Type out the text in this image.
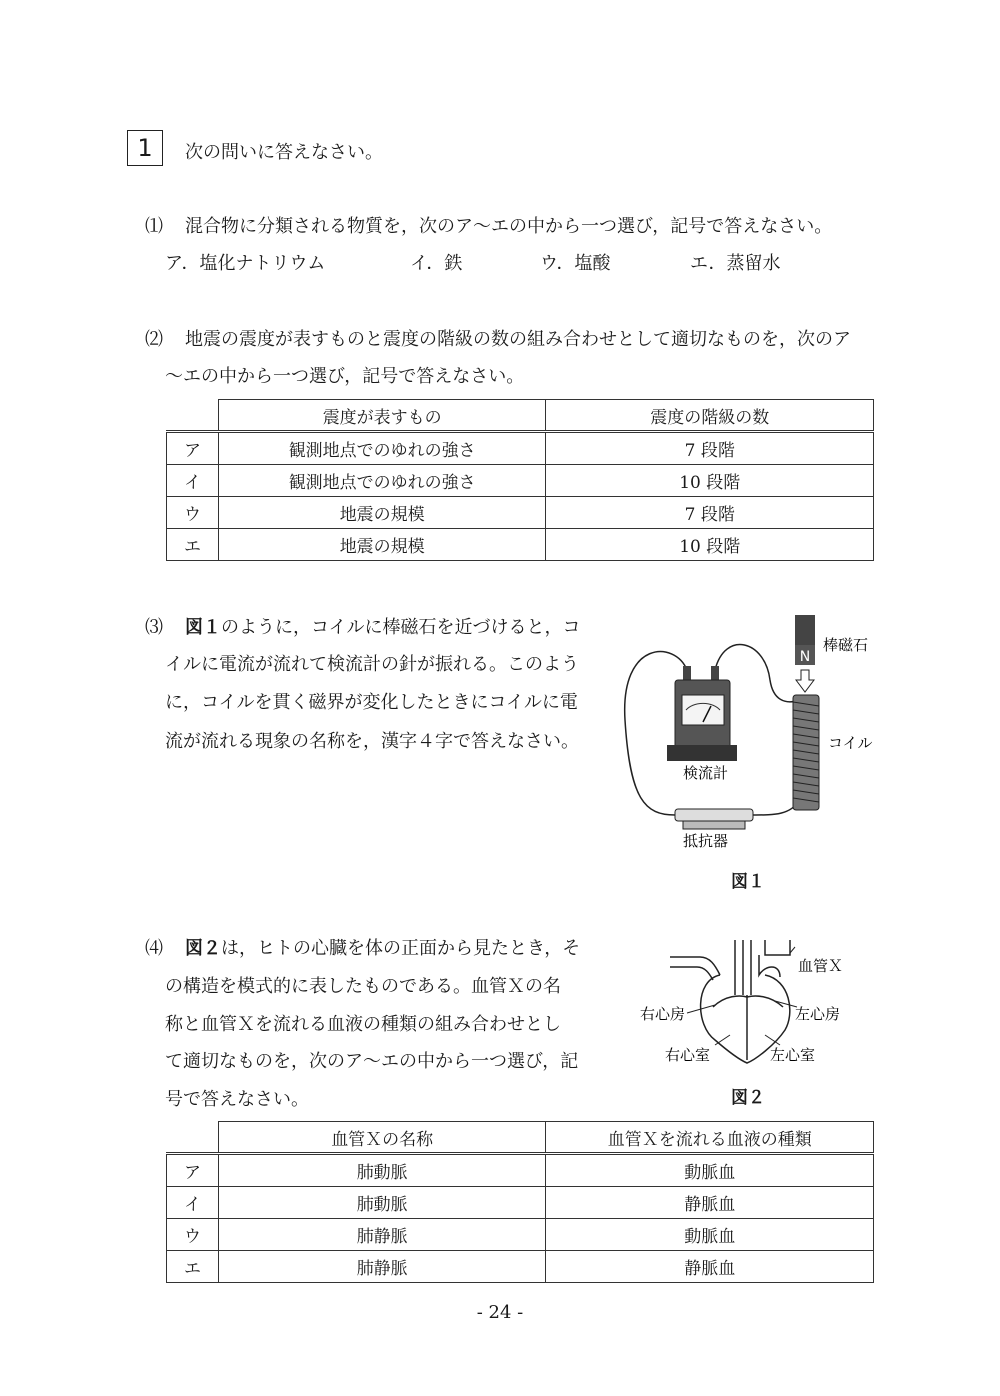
1 次の問いに答えなさい。
⑴ 混合物に分類される物質を，次のア～エの中から一つ選び，記号で答えなさい。
ア．塩化ナトリウム	イ．鉄	ウ．塩酸	エ．蒸留水
⑵ 地震の震度が表すものと震度の階級の数の組み合わせとして適切なものを，次のア
～エの中から一つ選び，記号で答えなさい。
	震度が表すもの	震度の階級の数
ア	観測地点でのゆれの強さ	7 段階
イ	観測地点でのゆれの強さ	10 段階
ウ	地震の規模	7 段階
エ	地震の規模	10 段階
⑶ 図１のように，コイルに棒磁石を近づけると，コ
イルに電流が流れて検流計の針が振れる。このよう
に，コイルを貫く磁界が変化したときにコイルに電
流が流れる現象の名称を，漢字４字で答えなさい。
N
棒磁石
コイル
検流計
抵抗器
図１
⑷ 図２は，ヒトの心臓を体の正面から見たとき，そ
の構造を模式的に表したものである。血管Ｘの名
称と血管Ｘを流れる血液の種類の組み合わせとし
て適切なものを，次のア～エの中から一つ選び，記
号で答えなさい。
血管Ｘ
右心房	左心房
右心室	左心室
図２
	血管Ｘの名称	血管Ｘを流れる血液の種類
ア	肺動脈	動脈血
イ	肺動脈	静脈血
ウ	肺静脈	動脈血
エ	肺静脈	静脈血
- 24 -
